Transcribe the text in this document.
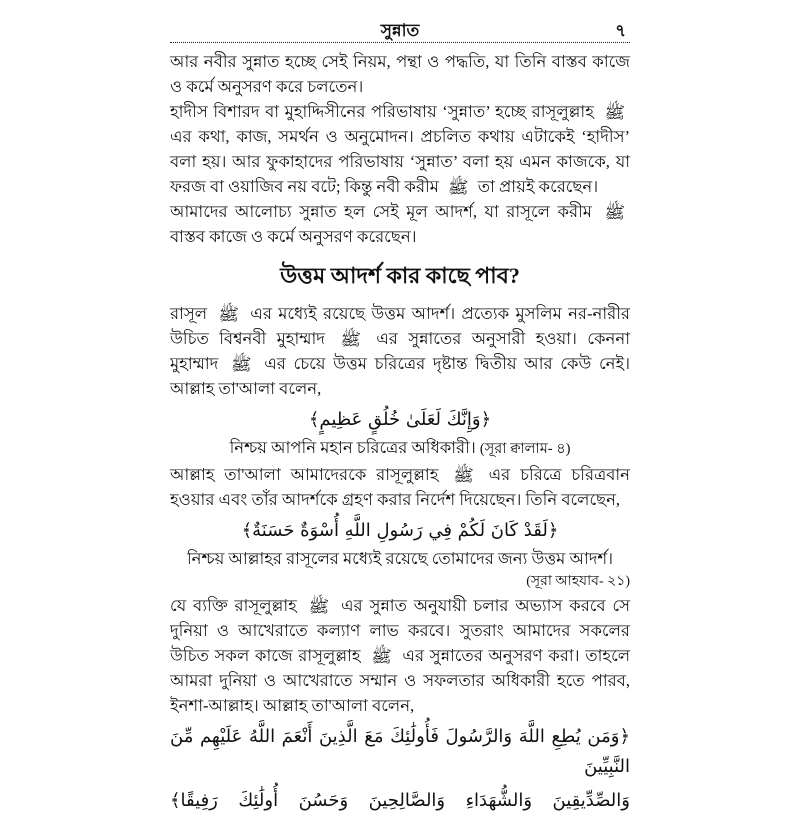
সুন্নাত	৭

আর নবীর সুন্নাত হচ্ছে সেই নিয়ম, পন্থা ও পদ্ধতি, যা তিনি বাস্তব কাজে ও কর্মে অনুসরণ করে চলতেন।

হাদীস বিশারদ বা মুহাদ্দিসীনের পরিভাষায় ‘সুন্নাত’ হচ্ছে রাসূলুল্লাহ ﷺ এর কথা, কাজ, সমর্থন ও অনুমোদন। প্রচলিত কথায় এটাকেই ‘হাদীস’ বলা হয়। আর ফুকাহাদের পরিভাষায় ‘সুন্নাত’ বলা হয় এমন কাজকে, যা ফরজ বা ওয়াজিব নয় বটে; কিন্তু নবী করীম ﷺ তা প্রায়ই করেছেন।

আমাদের আলোচ্য সুন্নাত হল সেই মূল আদর্শ, যা রাসূলে করীম ﷺ বাস্তব কাজে ও কর্মে অনুসরণ করেছেন।

উত্তম আদর্শ কার কাছে পাব?

রাসূল ﷺ এর মধ্যেই রয়েছে উত্তম আদর্শ। প্রত্যেক মুসলিম নর-নারীর উচিত বিশ্বনবী মুহাম্মাদ ﷺ এর সুন্নাতের অনুসারী হওয়া। কেননা মুহাম্মাদ ﷺ এর চেয়ে উত্তম চরিত্রের দৃষ্টান্ত দ্বিতীয় আর কেউ নেই। আল্লাহ তা'আলা বলেন,

﴿وَإِنَّكَ لَعَلَىٰ خُلُقٍ عَظِيمٍ﴾
নিশ্চয় আপনি মহান চরিত্রের অধিকারী। (সূরা ক্বালাম- ৪)

আল্লাহ তা'আলা আমাদেরকে রাসূলুল্লাহ ﷺ এর চরিত্রে চরিত্রবান হওয়ার এবং তাঁর আদর্শকে গ্রহণ করার নির্দেশ দিয়েছেন। তিনি বলেছেন,

﴿لَقَدْ كَانَ لَكُمْ فِي رَسُولِ اللَّهِ أُسْوَةٌ حَسَنَةٌ﴾
নিশ্চয় আল্লাহর রাসূলের মধ্যেই রয়েছে তোমাদের জন্য উত্তম আদর্শ।
(সূরা আহযাব- ২১)

যে ব্যক্তি রাসূলুল্লাহ ﷺ এর সুন্নাত অনুযায়ী চলার অভ্যাস করবে সে দুনিয়া ও আখেরাতে কল্যাণ লাভ করবে। সুতরাং আমাদের সকলের উচিত সকল কাজে রাসূলুল্লাহ ﷺ এর সুন্নাতের অনুসরণ করা। তাহলে আমরা দুনিয়া ও আখেরাতে সম্মান ও সফলতার অধিকারী হতে পারব, ইনশা-আল্লাহ। আল্লাহ তা'আলা বলেন,

﴿وَمَن يُطِعِ اللَّهَ وَالرَّسُولَ فَأُولَٰئِكَ مَعَ الَّذِينَ أَنْعَمَ اللَّهُ عَلَيْهِم مِّنَ النَّبِيِّينَ
وَالصِّدِّيقِينَ وَالشُّهَدَاءِ وَالصَّالِحِينَ وَحَسُنَ أُولَٰئِكَ رَفِيقًا﴾
